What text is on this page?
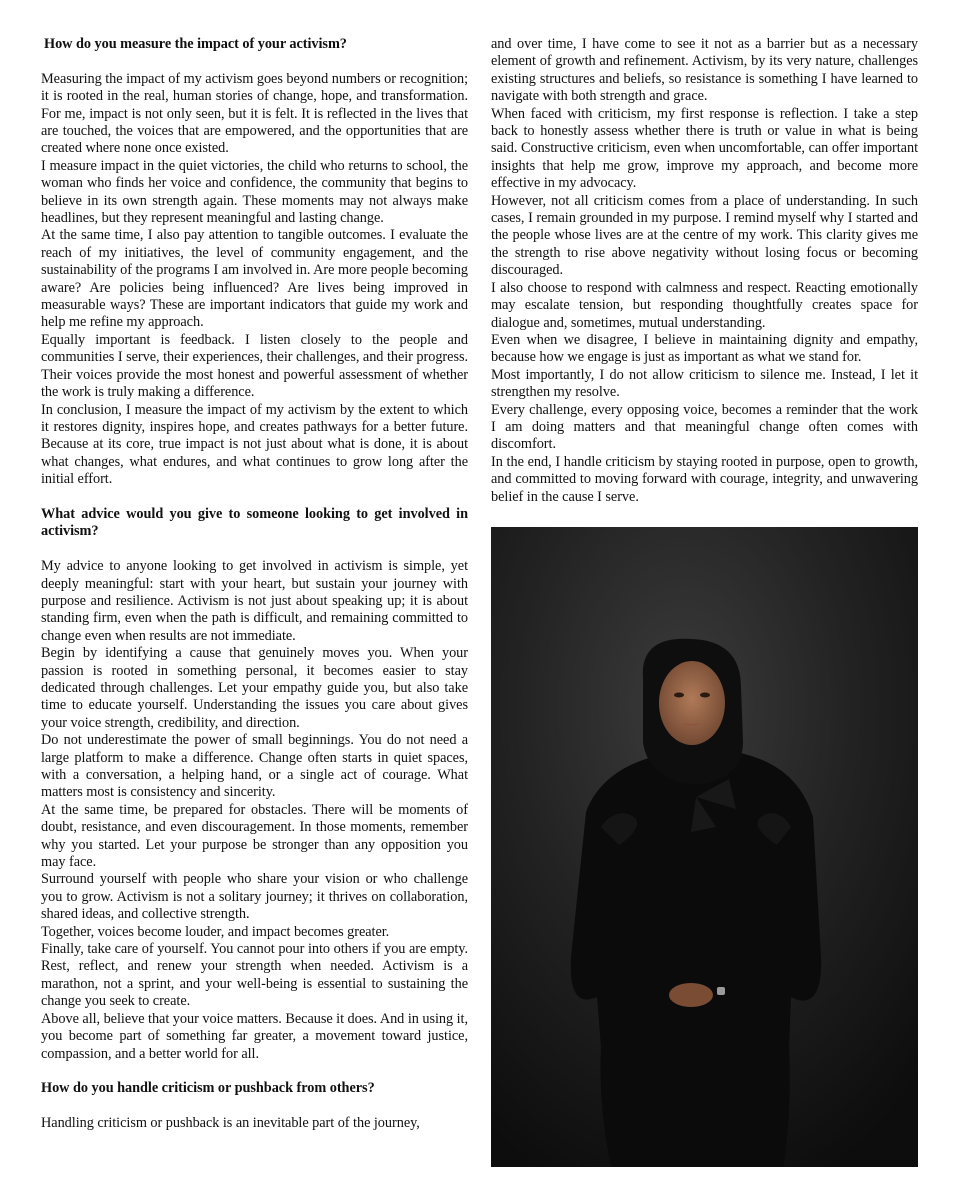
How do you measure the impact of your activism?

Measuring the impact of my activism goes beyond numbers or recognition; it is rooted in the real, human stories of change, hope, and transformation. For me, impact is not only seen, but it is felt. It is reflected in the lives that are touched, the voices that are empowered, and the opportunities that are created where none once existed.

I measure impact in the quiet victories, the child who returns to school, the woman who finds her voice and confidence, the community that begins to believe in its own strength again. These moments may not always make headlines, but they represent meaningful and lasting change.

At the same time, I also pay attention to tangible outcomes. I evaluate the reach of my initiatives, the level of community engagement, and the sustainability of the programs I am involved in. Are more people becoming aware? Are policies being influenced? Are lives being improved in measurable ways? These are important indicators that guide my work and help me refine my approach.

Equally important is feedback. I listen closely to the people and communities I serve, their experiences, their challenges, and their progress. Their voices provide the most honest and powerful assessment of whether the work is truly making a difference.

In conclusion, I measure the impact of my activism by the extent to which it restores dignity, inspires hope, and creates pathways for a better future. Because at its core, true impact is not just about what is done, it is about what changes, what endures, and what continues to grow long after the initial effort.

What advice would you give to someone looking to get involved in activism?

My advice to anyone looking to get involved in activism is simple, yet deeply meaningful: start with your heart, but sustain your journey with purpose and resilience. Activism is not just about speaking up; it is about standing firm, even when the path is difficult, and remaining committed to change even when results are not immediate.

Begin by identifying a cause that genuinely moves you. When your passion is rooted in something personal, it becomes easier to stay dedicated through challenges. Let your empathy guide you, but also take time to educate yourself. Understanding the issues you care about gives your voice strength, credibility, and direction.

Do not underestimate the power of small beginnings. You do not need a large platform to make a difference. Change often starts in quiet spaces, with a conversation, a helping hand, or a single act of courage. What matters most is consistency and sincerity.

At the same time, be prepared for obstacles. There will be moments of doubt, resistance, and even discouragement. In those moments, remember why you started. Let your purpose be stronger than any opposition you may face.

Surround yourself with people who share your vision or who challenge you to grow. Activism is not a solitary journey; it thrives on collaboration, shared ideas, and collective strength.

Together, voices become louder, and impact becomes greater.

Finally, take care of yourself. You cannot pour into others if you are empty. Rest, reflect, and renew your strength when needed. Activism is a marathon, not a sprint, and your well-being is essential to sustaining the change you seek to create.

Above all, believe that your voice matters. Because it does. And in using it, you become part of something far greater, a movement toward justice, compassion, and a better world for all.

How do you handle criticism or pushback from others?

Handling criticism or pushback is an inevitable part of the journey,

and over time, I have come to see it not as a barrier but as a necessary element of growth and refinement. Activism, by its very nature, challenges existing structures and beliefs, so resistance is something I have learned to navigate with both strength and grace.

When faced with criticism, my first response is reflection. I take a step back to honestly assess whether there is truth or value in what is being said. Constructive criticism, even when uncomfortable, can offer important insights that help me grow, improve my approach, and become more effective in my advocacy.

However, not all criticism comes from a place of understanding. In such cases, I remain grounded in my purpose. I remind myself why I started and the people whose lives are at the centre of my work. This clarity gives me the strength to rise above negativity without losing focus or becoming discouraged.

I also choose to respond with calmness and respect. Reacting emotionally may escalate tension, but responding thoughtfully creates space for dialogue and, sometimes, mutual understanding.

Even when we disagree, I believe in maintaining dignity and empathy, because how we engage is just as important as what we stand for.

Most importantly, I do not allow criticism to silence me. Instead, I let it strengthen my resolve.

Every challenge, every opposing voice, becomes a reminder that the work I am doing matters and that meaningful change often comes with discomfort.

In the end, I handle criticism by staying rooted in purpose, open to growth, and committed to moving forward with courage, integrity, and unwavering belief in the cause I serve.
